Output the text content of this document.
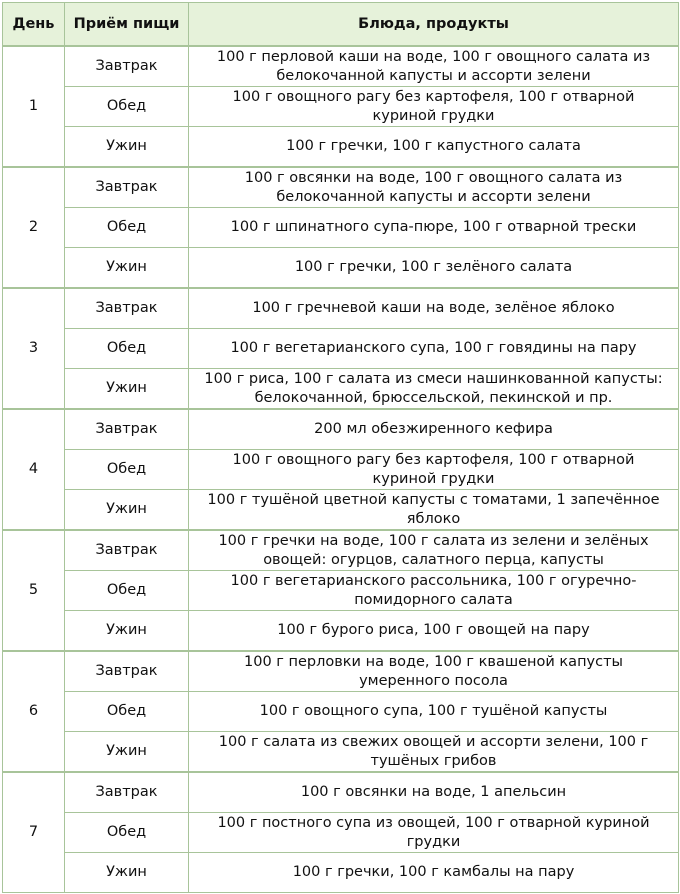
День	Приём пищи	Блюда, продукты
1	Завтрак	100 г перловой каши на воде, 100 г овощного салата из белокочанной капусты и ассорти зелени
	Обед	100 г овощного рагу без картофеля, 100 г отварной куриной грудки
	Ужин	100 г гречки, 100 г капустного салата
2	Завтрак	100 г овсянки на воде, 100 г овощного салата из белокочанной капусты и ассорти зелени
	Обед	100 г шпинатного супа-пюре, 100 г отварной трески
	Ужин	100 г гречки, 100 г зелёного салата
3	Завтрак	100 г гречневой каши на воде, зелёное яблоко
	Обед	100 г вегетарианского супа, 100 г говядины на пару
	Ужин	100 г риса, 100 г салата из смеси нашинкованной капусты: белокочанной, брюссельской, пекинской и пр.
4	Завтрак	200 мл обезжиренного кефира
	Обед	100 г овощного рагу без картофеля, 100 г отварной куриной грудки
	Ужин	100 г тушёной цветной капусты с томатами, 1 запечённое яблоко
5	Завтрак	100 г гречки на воде, 100 г салата из зелени и зелёных овощей: огурцов, салатного перца, капусты
	Обед	100 г вегетарианского рассольника, 100 г огуречно-помидорного салата
	Ужин	100 г бурого риса, 100 г овощей на пару
6	Завтрак	100 г перловки на воде, 100 г квашеной капусты умеренного посола
	Обед	100 г овощного супа, 100 г тушёной капусты
	Ужин	100 г салата из свежих овощей и ассорти зелени, 100 г тушёных грибов
7	Завтрак	100 г овсянки на воде, 1 апельсин
	Обед	100 г постного супа из овощей, 100 г отварной куриной грудки
	Ужин	100 г гречки, 100 г камбалы на пару
